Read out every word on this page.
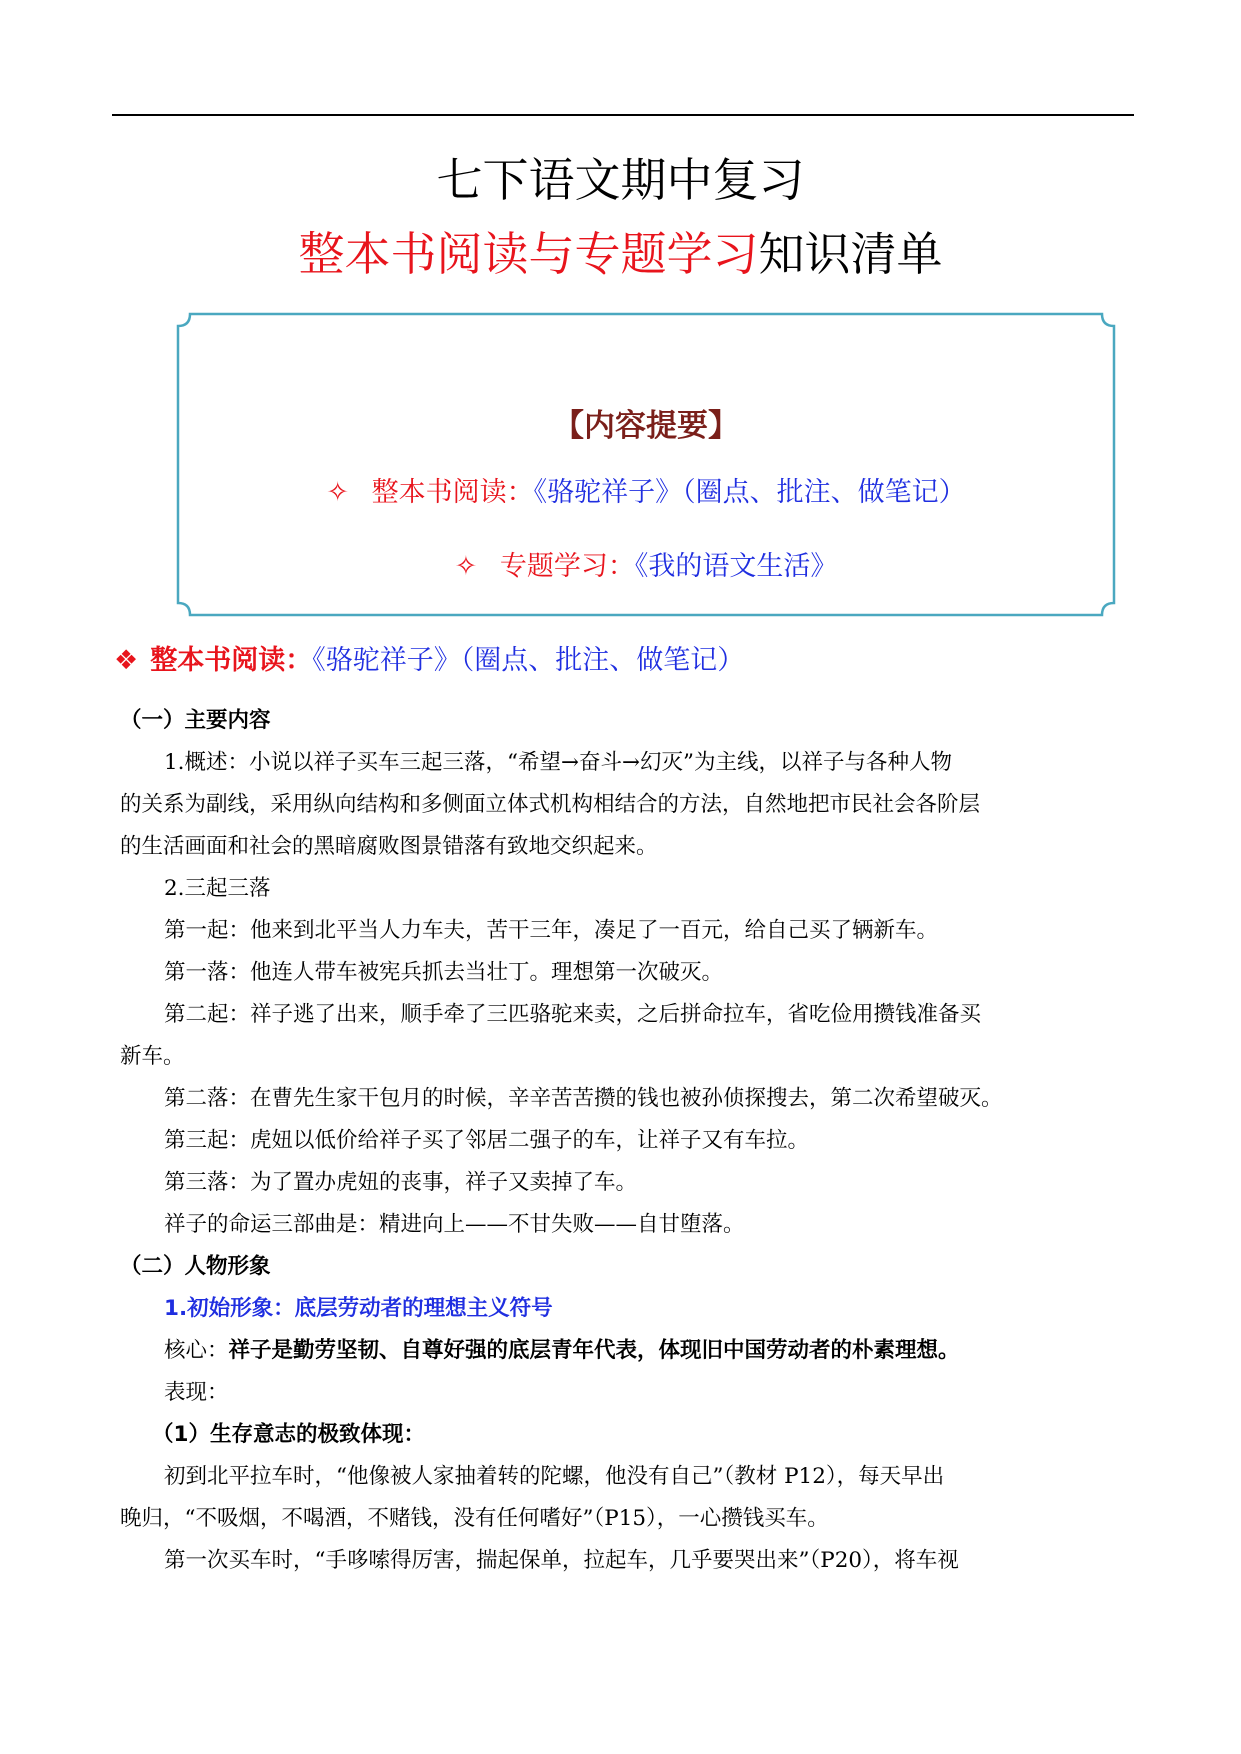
七下语文期中复习
整本书阅读与专题学习知识清单
【内容提要】
✧ 整本书阅读：《骆驼祥子》（圈点、批注、做笔记）
✧ 专题学习：《我的语文生活》
❖ 整本书阅读：《骆驼祥子》（圈点、批注、做笔记）
（一）主要内容
1.概述：小说以祥子买车三起三落，“希望→奋斗→幻灭”为主线，以祥子与各种人物
的关系为副线，采用纵向结构和多侧面立体式机构相结合的方法，自然地把市民社会各阶层
的生活画面和社会的黑暗腐败图景错落有致地交织起来。
2.三起三落
第一起：他来到北平当人力车夫，苦干三年，凑足了一百元，给自己买了辆新车。
第一落：他连人带车被宪兵抓去当壮丁。理想第一次破灭。
第二起：祥子逃了出来，顺手牵了三匹骆驼来卖，之后拼命拉车，省吃俭用攒钱准备买
新车。
第二落：在曹先生家干包月的时候，辛辛苦苦攒的钱也被孙侦探搜去，第二次希望破灭。
第三起：虎妞以低价给祥子买了邻居二强子的车，让祥子又有车拉。
第三落：为了置办虎妞的丧事，祥子又卖掉了车。
祥子的命运三部曲是：精进向上——不甘失败——自甘堕落。
（二）人物形象
1.初始形象：底层劳动者的理想主义符号
核心：祥子是勤劳坚韧、自尊好强的底层青年代表，体现旧中国劳动者的朴素理想。
表现：
（1）生存意志的极致体现：
初到北平拉车时，“他像被人家抽着转的陀螺，他没有自己”（教材 P12），每天早出
晚归，“不吸烟，不喝酒，不赌钱，没有任何嗜好”（P15），一心攒钱买车。
第一次买车时，“手哆嗦得厉害，揣起保单，拉起车，几乎要哭出来”（P20），将车视
